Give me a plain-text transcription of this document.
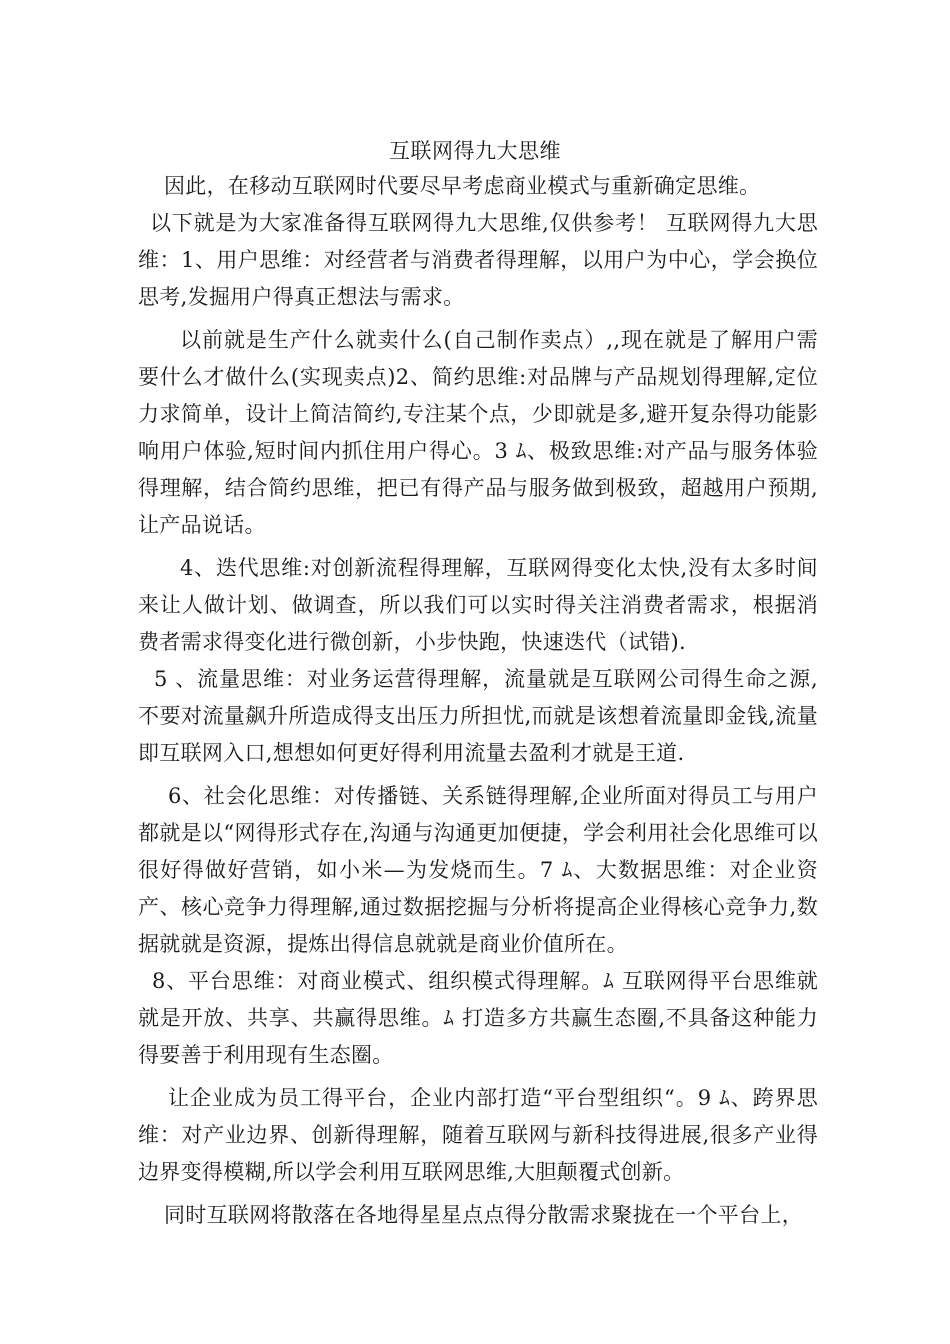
互联网得九大思维

因此，在移动互联网时代要尽早考虑商业模式与重新确定思维。

以下就是为大家准备得互联网得九大思维,仅供参考！ 互联网得九大思维：1、用户思维：对经营者与消费者得理解，以用户为中心，学会换位思考,发掘用户得真正想法与需求。

以前就是生产什么就卖什么(自己制作卖点）,,现在就是了解用户需要什么才做什么(实现卖点)2、简约思维:对品牌与产品规划得理解,定位力求简单，设计上简洁简约,专注某个点，少即就是多,避开复杂得功能影响用户体验,短时间内抓住用户得心。3 ﾑ、极致思维:对产品与服务体验得理解，结合简约思维，把已有得产品与服务做到极致，超越用户预期,让产品说话。

4、迭代思维:对创新流程得理解，互联网得变化太快,没有太多时间来让人做计划、做调查，所以我们可以实时得关注消费者需求，根据消费者需求得变化进行微创新，小步快跑，快速迭代（试错).

5 、流量思维：对业务运营得理解，流量就是互联网公司得生命之源,不要对流量飙升所造成得支出压力所担忧,而就是该想着流量即金钱,流量即互联网入口,想想如何更好得利用流量去盈利才就是王道.

6、社会化思维：对传播链、关系链得理解,企业所面对得员工与用户都就是以“网得形式存在,沟通与沟通更加便捷，学会利用社会化思维可以很好得做好营销，如小米—为发烧而生。7 ﾑ、大数据思维：对企业资产、核心竞争力得理解,通过数据挖掘与分析将提高企业得核心竞争力,数据就就是资源，提炼出得信息就就是商业价值所在。

8、平台思维：对商业模式、组织模式得理解。ﾑ 互联网得平台思维就就是开放、共享、共赢得思维。ﾑ 打造多方共赢生态圈,不具备这种能力得要善于利用现有生态圈。

让企业成为员工得平台，企业内部打造“平台型组织“。9 ﾑ、跨界思维：对产业边界、创新得理解，随着互联网与新科技得进展,很多产业得边界变得模糊,所以学会利用互联网思维,大胆颠覆式创新。

同时互联网将散落在各地得星星点点得分散需求聚拢在一个平台上，
